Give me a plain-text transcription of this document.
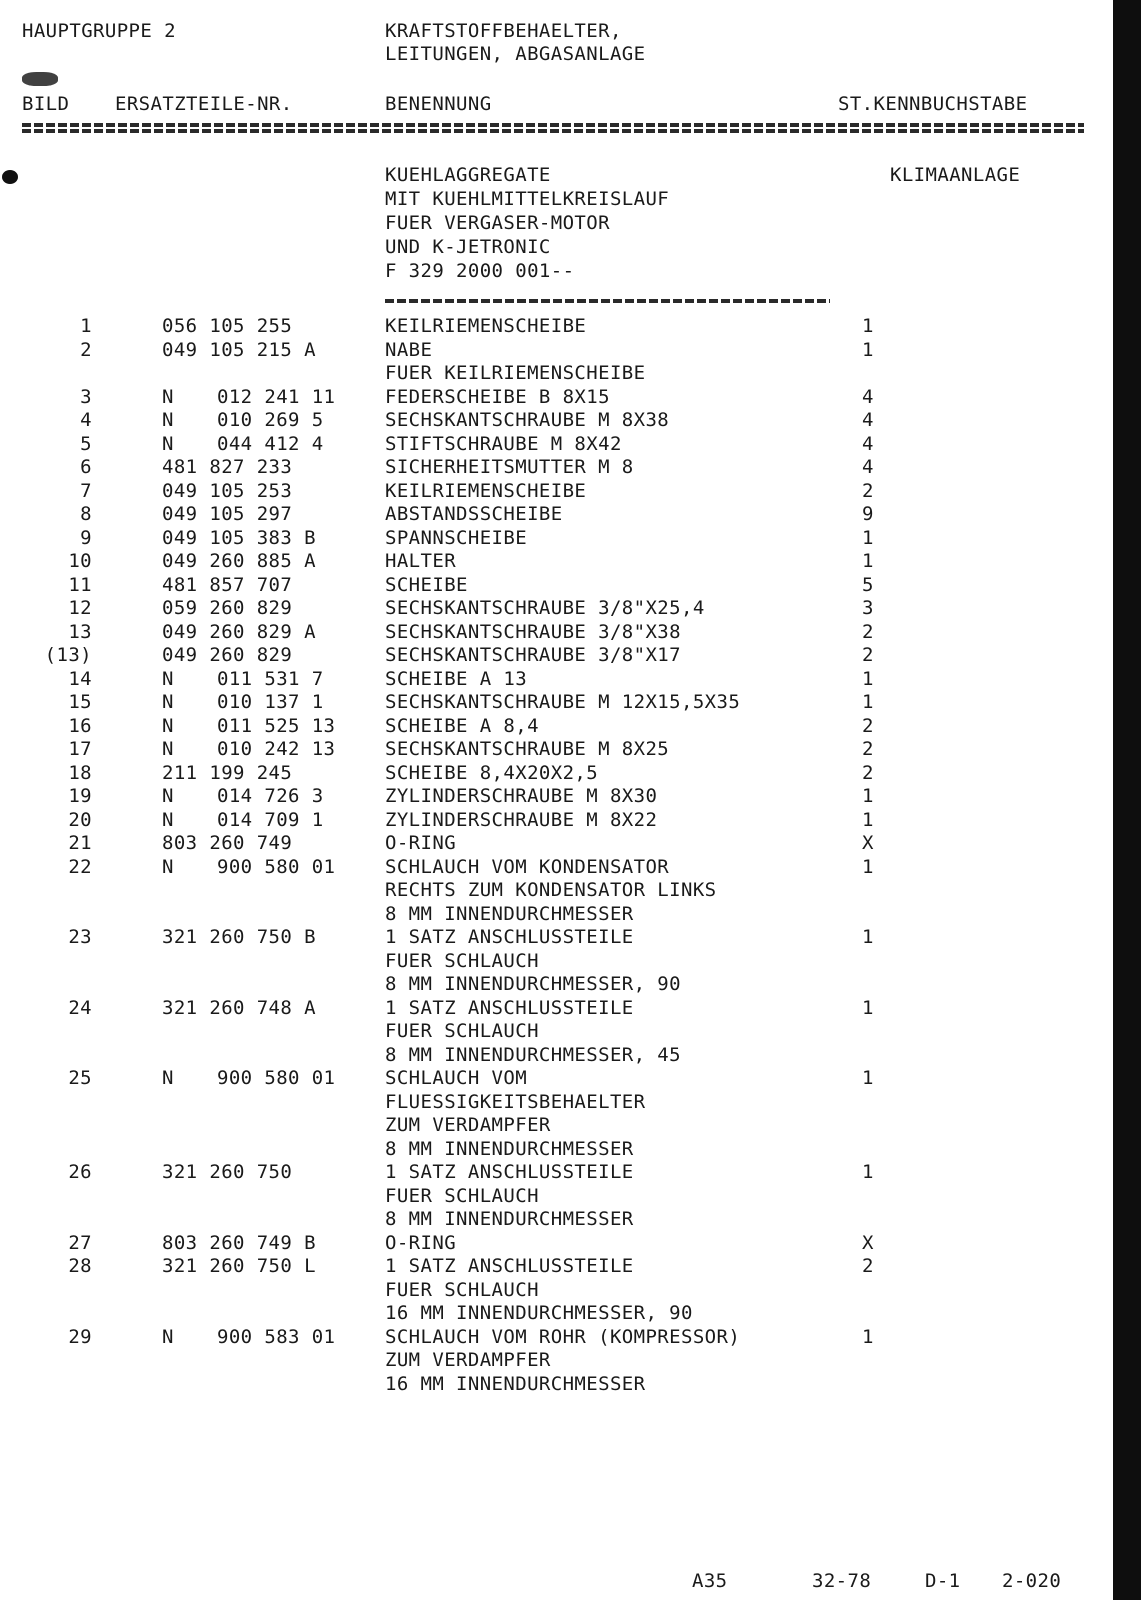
HAUPTGRUPPE 2	KRAFTSTOFFBEHAELTER,
LEITUNGEN, ABGASANLAGE
BILD ERSATZTEILE-NR.	BENENNUNG	ST.KENNBUCHSTABE
KUEHLAGGREGATE	KLIMAANLAGE
MIT KUEHLMITTELKREISLAUF
FUER VERGASER-MOTOR
UND K-JETRONIC
F 329 2000 001--
1	056 105 255	KEILRIEMENSCHEIBE	1
2	049 105 215 A	NABE	1
FUER KEILRIEMENSCHEIBE
3	N 012 241 11	FEDERSCHEIBE B 8X15	4
4	N 010 269 5	SECHSKANTSCHRAUBE M 8X38	4
5	N 044 412 4	STIFTSCHRAUBE M 8X42	4
6	481 827 233	SICHERHEITSMUTTER M 8	4
7	049 105 253	KEILRIEMENSCHEIBE	2
8	049 105 297	ABSTANDSSCHEIBE	9
9	049 105 383 B	SPANNSCHEIBE	1
10	049 260 885 A	HALTER	1
11	481 857 707	SCHEIBE	5
12	059 260 829	SECHSKANTSCHRAUBE 3/8"X25,4	3
13	049 260 829 A	SECHSKANTSCHRAUBE 3/8"X38	2
(13)	049 260 829	SECHSKANTSCHRAUBE 3/8"X17	2
14	N 011 531 7	SCHEIBE A 13	1
15	N 010 137 1	SECHSKANTSCHRAUBE M 12X15,5X35	1
16	N 011 525 13	SCHEIBE A 8,4	2
17	N 010 242 13	SECHSKANTSCHRAUBE M 8X25	2
18	211 199 245	SCHEIBE 8,4X20X2,5	2
19	N 014 726 3	ZYLINDERSCHRAUBE M 8X30	1
20	N 014 709 1	ZYLINDERSCHRAUBE M 8X22	1
21	803 260 749	O-RING	X
22	N 900 580 01	SCHLAUCH VOM KONDENSATOR	1
RECHTS ZUM KONDENSATOR LINKS
8 MM INNENDURCHMESSER
23	321 260 750 B	1 SATZ ANSCHLUSSTEILE	1
FUER SCHLAUCH
8 MM INNENDURCHMESSER, 90
24	321 260 748 A	1 SATZ ANSCHLUSSTEILE	1
FUER SCHLAUCH
8 MM INNENDURCHMESSER, 45
25	N 900 580 01	SCHLAUCH VOM	1
FLUESSIGKEITSBEHAELTER
ZUM VERDAMPFER
8 MM INNENDURCHMESSER
26	321 260 750	1 SATZ ANSCHLUSSTEILE	1
FUER SCHLAUCH
8 MM INNENDURCHMESSER
27	803 260 749 B	O-RING	X
28	321 260 750 L	1 SATZ ANSCHLUSSTEILE	2
FUER SCHLAUCH
16 MM INNENDURCHMESSER, 90
29	N 900 583 01	SCHLAUCH VOM ROHR (KOMPRESSOR)	1
ZUM VERDAMPFER
16 MM INNENDURCHMESSER
A35	32-78	D-1 2-020
